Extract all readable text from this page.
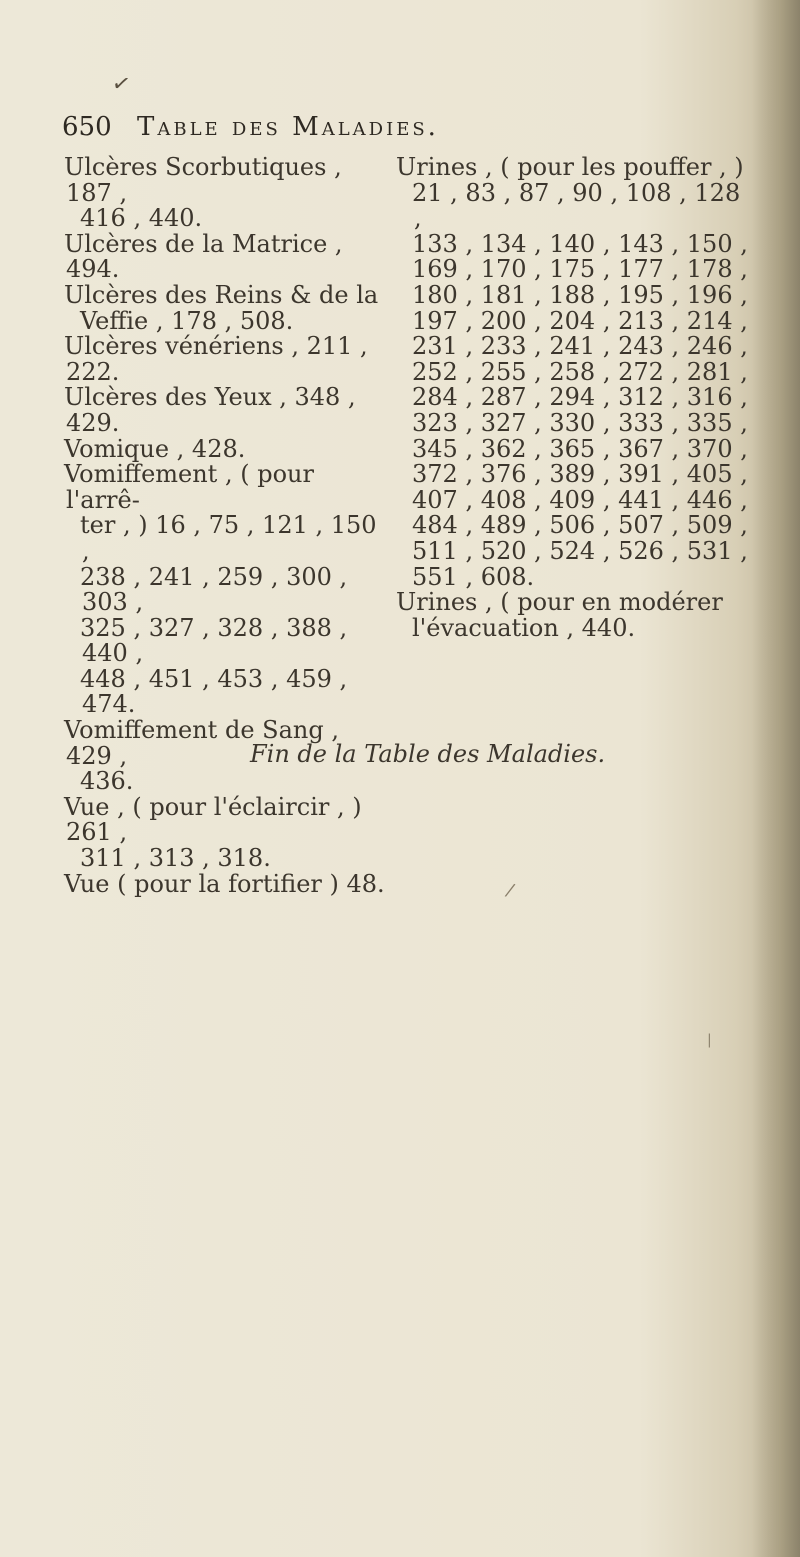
✓
650 Table des Maladies.
Ulcères Scorbutiques , 187 ,
416 , 440.
Ulcères de la Matrice , 494.
Ulcères des Reins & de la
Veffie , 178 , 508.
Ulcères vénériens , 211 , 222.
Ulcères des Yeux , 348 , 429.
Vomique , 428.
Vomiffement , ( pour l'arrê-
ter , ) 16 , 75 , 121 , 150 ,
238 , 241 , 259 , 300 , 303 ,
325 , 327 , 328 , 388 , 440 ,
448 , 451 , 453 , 459 , 474.
Vomiffement de Sang , 429 ,
436.
Vue , ( pour l'éclaircir , ) 261 ,
311 , 313 , 318.
Vue ( pour la fortifier ) 48.
Urines , ( pour les pouffer , )
21 , 83 , 87 , 90 , 108 , 128 ,
133 , 134 , 140 , 143 , 150 ,
169 , 170 , 175 , 177 , 178 ,
180 , 181 , 188 , 195 , 196 ,
197 , 200 , 204 , 213 , 214 ,
231 , 233 , 241 , 243 , 246 ,
252 , 255 , 258 , 272 , 281 ,
284 , 287 , 294 , 312 , 316 ,
323 , 327 , 330 , 333 , 335 ,
345 , 362 , 365 , 367 , 370 ,
372 , 376 , 389 , 391 , 405 ,
407 , 408 , 409 , 441 , 446 ,
484 , 489 , 506 , 507 , 509 ,
511 , 520 , 524 , 526 , 531 ,
551 , 608.
Urines , ( pour en modérer
l'évacuation , 440.
Fin de la Table des Maladies.
/
|
